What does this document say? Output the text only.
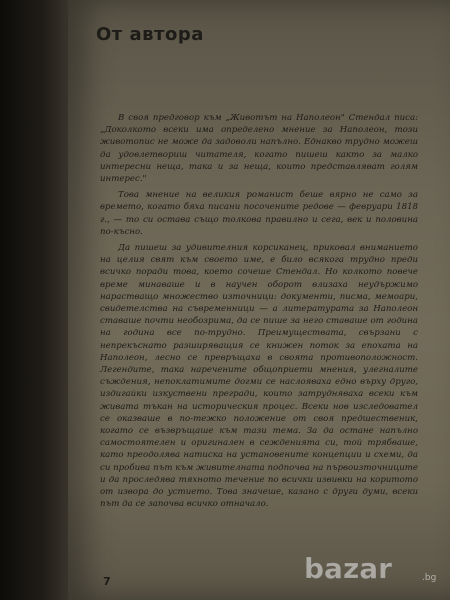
От автора

В своя предговор към „Животът на Наполеон" Стендал писа: „Доколкото всеки има определено мнение за Наполеон, този животопис не може да задоволи напълно. Еднакво трудно можеш да удовлетвориш читателя, когато пишеш както за малко интересни неща, така и за неща, които представляват голям интерес."

Това мнение на великия романист беше вярно не само за времето, когато бяха писани посочените редове — февруари 1818 г., — то си остава също толкова правилно и сега, век и половина по-късно.

Да пишеш за удивителния корсиканец, приковал вниманието на целия свят към своето име, е било всякога трудно преди всичко поради това, което сочеше Стендал. Но колкото повече време минаваше и в научен оборот влизаха неудържимо нарастващо множество източници: документи, писма, мемоари, свидетелства на съвременници — а литературата за Наполеон ставаше почти необозрима, да се пише за него ставаше от година на година все по-трудно. Преимуществата, свързани с непрекъснато разширяващия се книжен поток за епохата на Наполеон, лесно се превръщаха в своята противоположност. Легендите, така наречените общоприети мнения, улегналите съждения, непоклатимите догми се наслояваха едно върху друго, издигайки изкуствени прегради, които затрудняваха всеки към живата тъкан на историческия процес. Всеки нов изследовател се оказваше в по-тежко положение от своя предшественик, когато се възвръщаше към тази тема. За да остане напълно самостоятелен и оригинален в сежденията си, той трябваше, като преодолява натиска на установените концепции и схеми, да си пробива път към живителната подпочва на първоизточниците и да проследява тяхното течение по всички извивки на коритото от извора до устието. Това значеше, казано с други думи, всеки път да се започва всичко отначало.

7	bazar	.bg
